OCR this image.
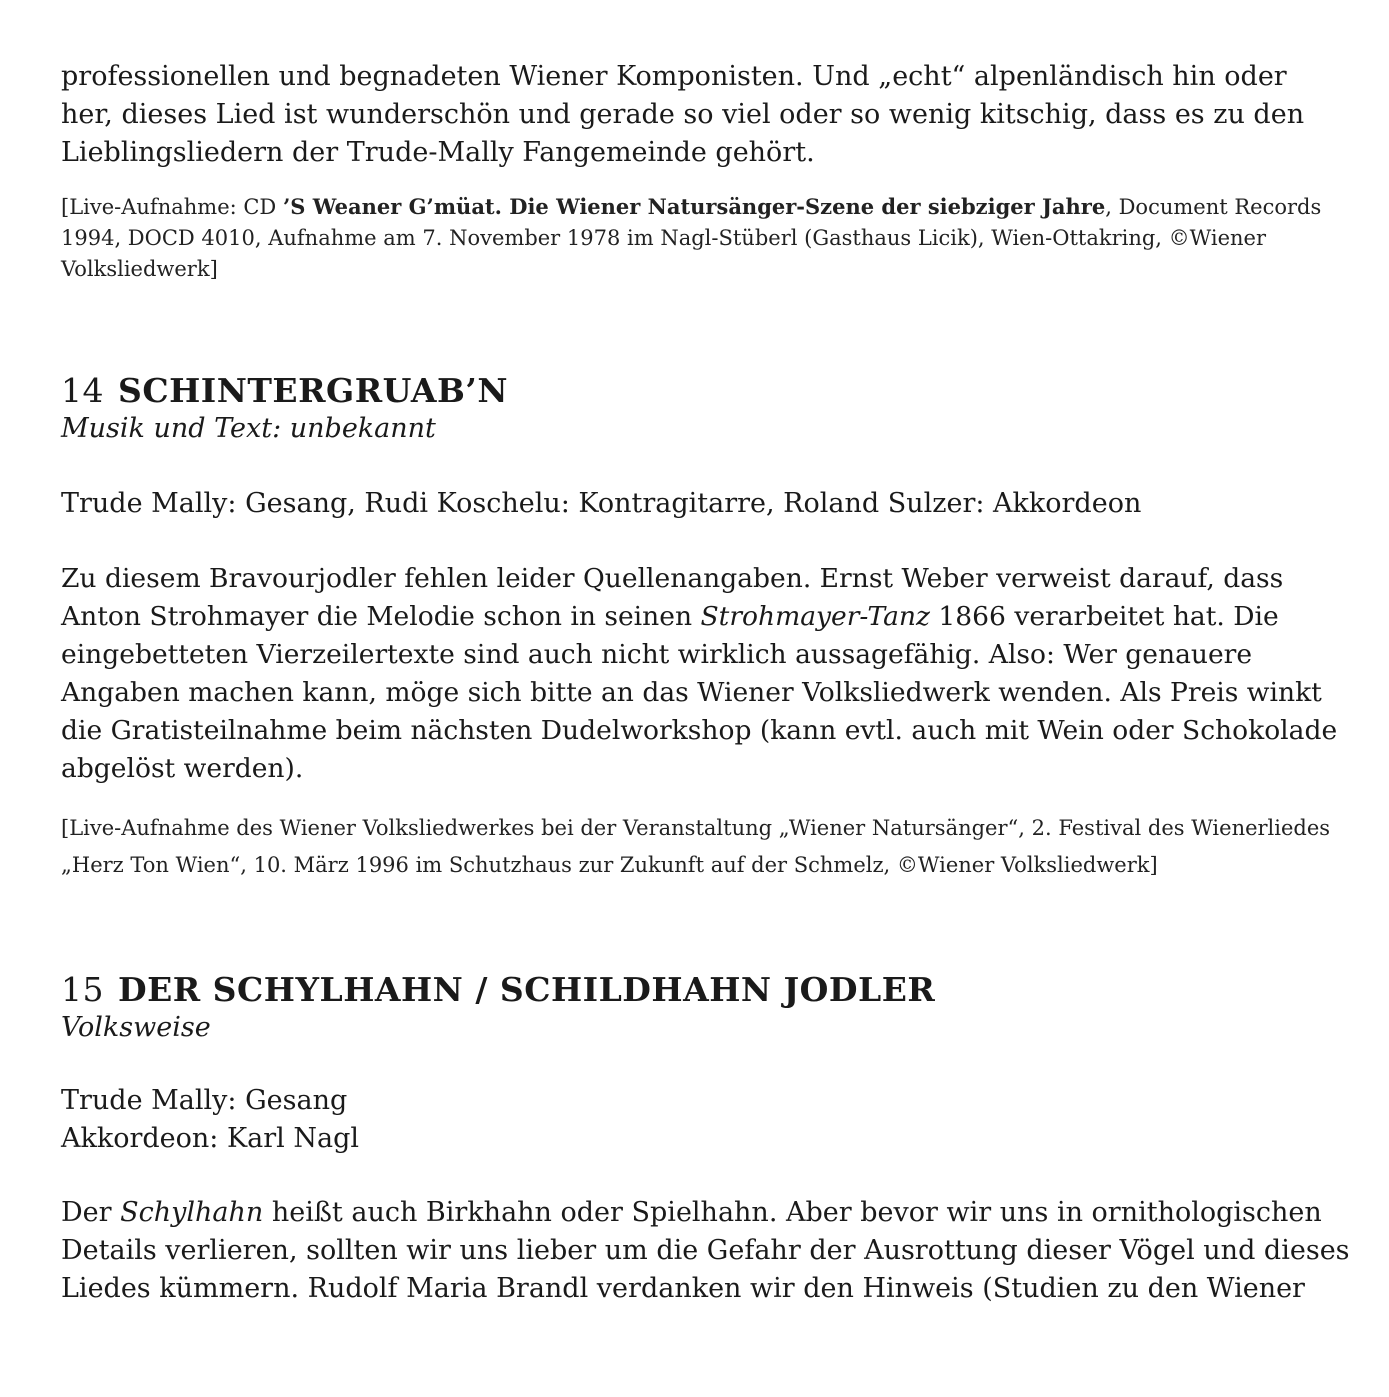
professionellen und begnadeten Wiener Komponisten. Und „echt“ alpenländisch hin oder
her, dieses Lied ist wunderschön und gerade so viel oder so wenig kitschig, dass es zu den
Lieblingsliedern der Trude-Mally Fangemeinde gehört.

[Live-Aufnahme: CD ’S Weaner G’müat. Die Wiener Natursänger-Szene der siebziger Jahre, Document Records
1994, DOCD 4010, Aufnahme am 7. November 1978 im Nagl-Stüberl (Gasthaus Licik), Wien-Ottakring, ©Wiener
Volksliedwerk]

14 SCHINTERGRUAB’N

Musik und Text: unbekannt

Trude Mally: Gesang, Rudi Koschelu: Kontragitarre, Roland Sulzer: Akkordeon

Zu diesem Bravourjodler fehlen leider Quellenangaben. Ernst Weber verweist darauf, dass
Anton Strohmayer die Melodie schon in seinen Strohmayer-Tanz 1866 verarbeitet hat. Die
eingebetteten Vierzeilertexte sind auch nicht wirklich aussagefähig. Also: Wer genauere
Angaben machen kann, möge sich bitte an das Wiener Volksliedwerk wenden. Als Preis winkt
die Gratisteilnahme beim nächsten Dudelworkshop (kann evtl. auch mit Wein oder Schokolade
abgelöst werden).

[Live-Aufnahme des Wiener Volksliedwerkes bei der Veranstaltung „Wiener Natursänger“, 2. Festival des Wienerliedes
„Herz Ton Wien“, 10. März 1996 im Schutzhaus zur Zukunft auf der Schmelz, ©Wiener Volksliedwerk]

15 DER SCHYLHAHN / SCHILDHAHN JODLER

Volksweise

Trude Mally: Gesang
Akkordeon: Karl Nagl

Der Schylhahn heißt auch Birkhahn oder Spielhahn. Aber bevor wir uns in ornithologischen
Details verlieren, sollten wir uns lieber um die Gefahr der Ausrottung dieser Vögel und dieses
Liedes kümmern. Rudolf Maria Brandl verdanken wir den Hinweis (Studien zu den Wiener
